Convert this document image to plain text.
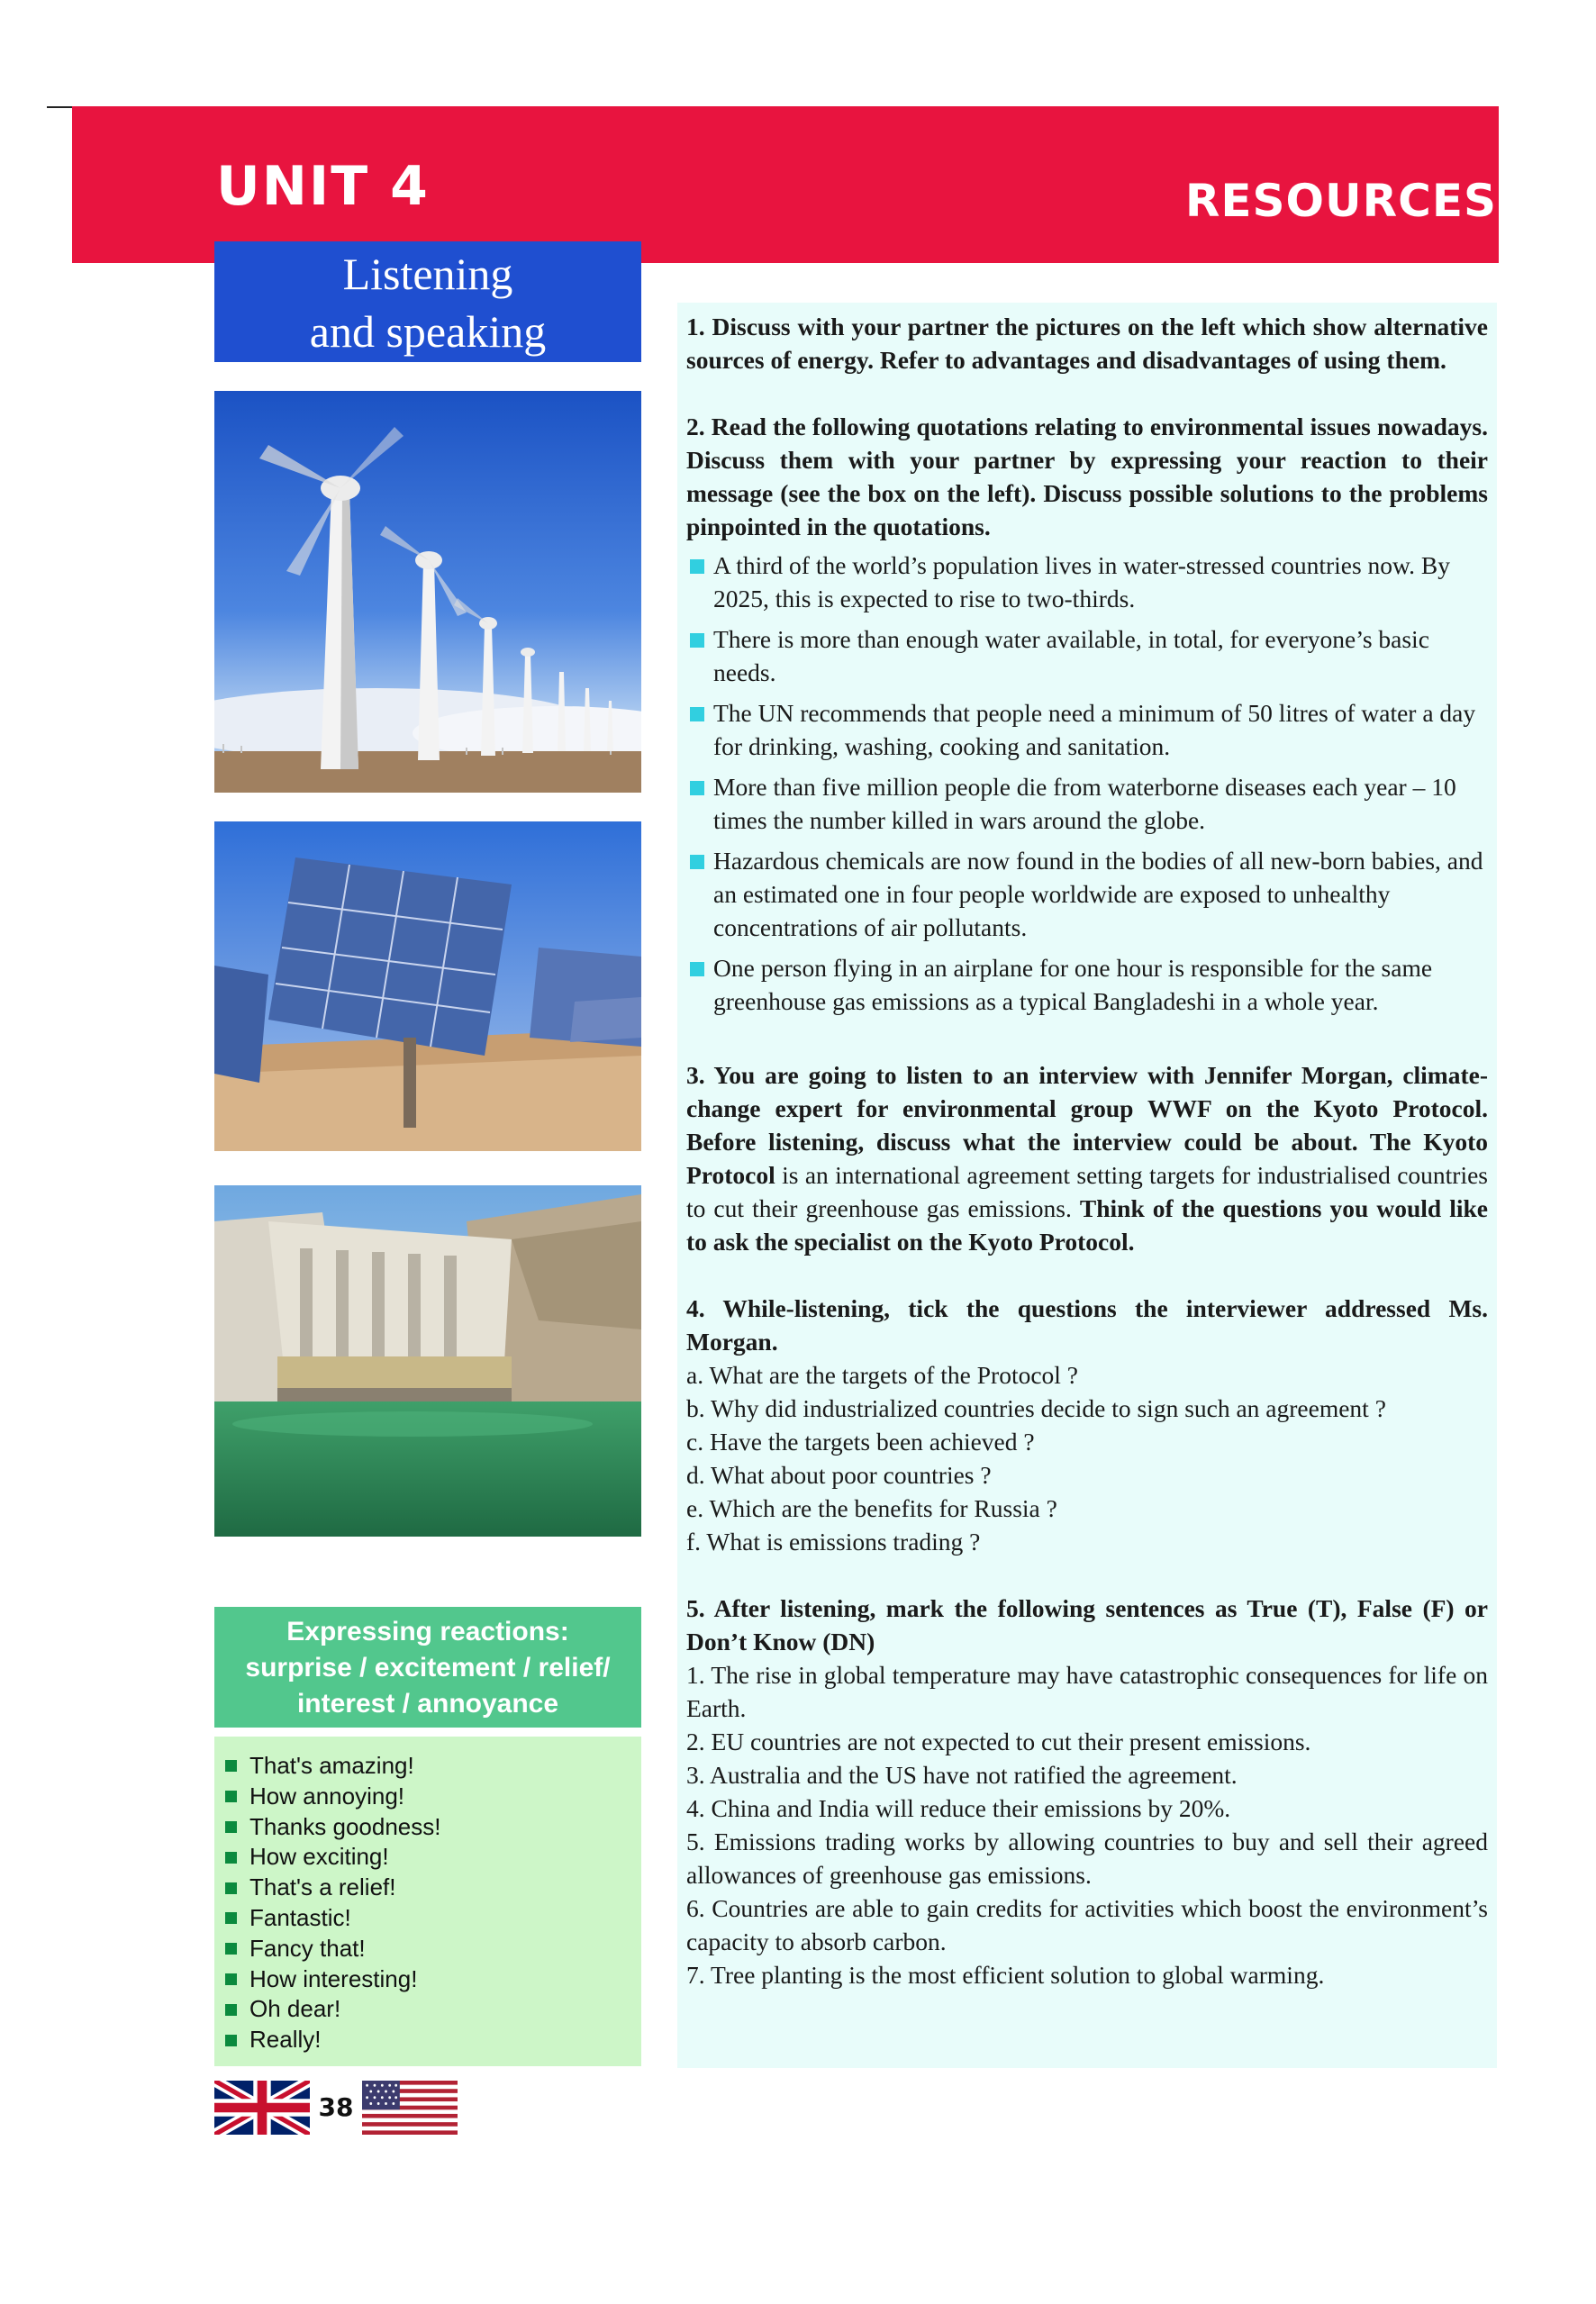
UNIT 4	RESOURCES
Listening
and speaking
Expressing reactions:
surprise / excitement / relief/
interest / annoyance
That's amazing!
How annoying!
Thanks goodness!
How exciting!
That's a relief!
Fantastic!
Fancy that!
How interesting!
Oh dear!
Really!

1. Discuss with your partner the pictures on the left which show alternative sources of energy. Refer to advantages and disadvantages of using them.

2. Read the following quotations relating to environmental issues nowadays. Discuss them with your partner by expressing your reaction to their message (see the box on the left). Discuss possible solutions to the problems pinpointed in the quotations.

A third of the world’s population lives in water-stressed countries now. By 2025, this is expected to rise to two-thirds.
There is more than enough water available, in total, for everyone’s basic needs.
The UN recommends that people need a minimum of 50 litres of water a day for drinking, washing, cooking and sanitation.
More than five million people die from waterborne diseases each year – 10 times the number killed in wars around the globe.
Hazardous chemicals are now found in the bodies of all new-born babies, and an estimated one in four people worldwide are exposed to unhealthy concentrations of air pollutants.
One person flying in an airplane for one hour is responsible for the same greenhouse gas emissions as a typical Bangladeshi in a whole year.

3. You are going to listen to an interview with Jennifer Morgan, climate-change expert for environmental group WWF on the Kyoto Protocol. Before listening, discuss what the interview could be about. The Kyoto Protocol is an international agreement setting targets for industrialised countries to cut their greenhouse gas emissions. Think of the questions you would like to ask the specialist on the Kyoto Protocol.

4. While-listening, tick the questions the interviewer addressed Ms. Morgan.

a. What are the targets of the Protocol ?

b. Why did industrialized countries decide to sign such an agreement ?

c. Have the targets been achieved ?

d. What about poor countries ?

e. Which are the benefits for Russia ?

f. What is emissions trading ?

5. After listening, mark the following sentences as True (T), False (F) or Don’t Know (DN)

1. The rise in global temperature may have catastrophic consequences for life on Earth.

2. EU countries are not expected to cut their present emissions.

3. Australia and the US have not ratified the agreement.

4. China and India will reduce their emissions by 20%.

5. Emissions trading works by allowing countries to buy and sell their agreed allowances of greenhouse gas emissions.

6. Countries are able to gain credits for activities which boost the environment’s capacity to absorb carbon.

7. Tree planting is the most efficient solution to global warming.

38
